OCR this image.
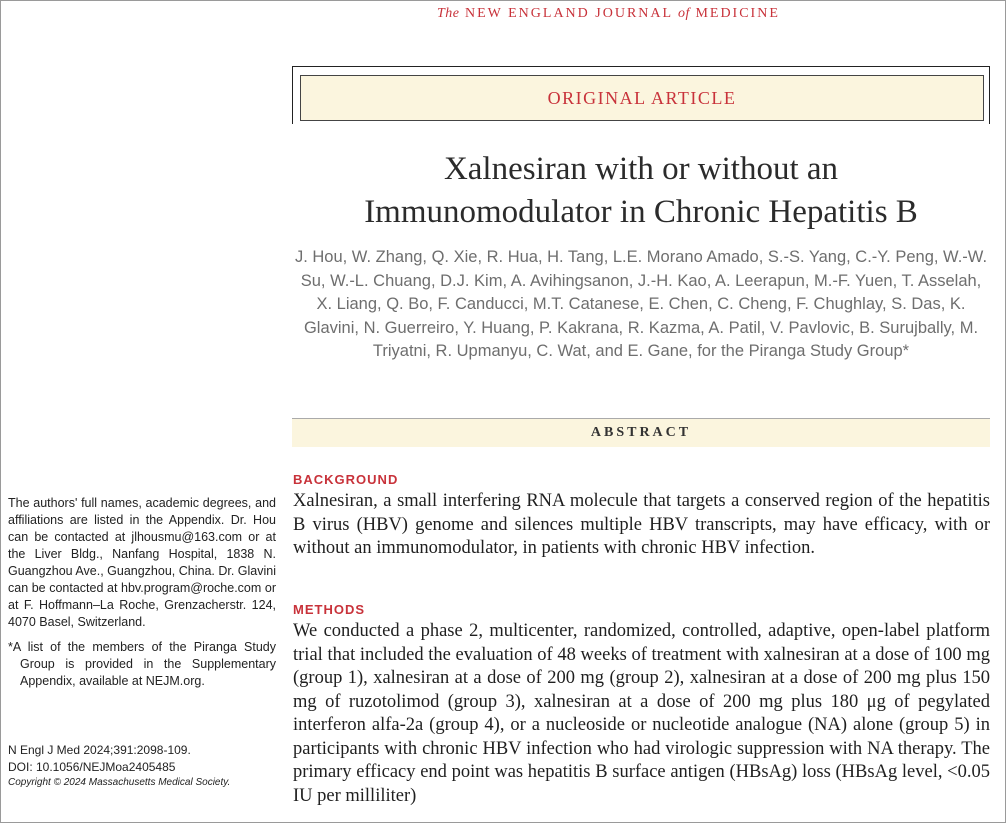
The NEW ENGLAND JOURNAL of MEDICINE
ORIGINAL ARTICLE
Xalnesiran with or without an
Immunomodulator in Chronic Hepatitis B
J. Hou, W. Zhang, Q. Xie, R. Hua, H. Tang, L.E. Morano Amado, S.-S. Yang, C.-Y. Peng, W.-W. Su, W.-L. Chuang, D.J. Kim, A. Avihingsanon, J.-H. Kao, A. Leerapun, M.-F. Yuen, T. Asselah, X. Liang, Q. Bo, F. Canducci, M.T. Catanese, E. Chen, C. Cheng, F. Chughlay, S. Das, K. Glavini, N. Guerreiro, Y. Huang, P. Kakrana, R. Kazma, A. Patil, V. Pavlovic, B. Surujbally, M. Triyatni, R. Upmanyu, C. Wat, and E. Gane, for the Piranga Study Group*
ABSTRACT
BACKGROUND
Xalnesiran, a small interfering RNA molecule that targets a conserved region of the hepatitis B virus (HBV) genome and silences multiple HBV transcripts, may have efficacy, with or without an immunomodulator, in patients with chronic HBV infection.
METHODS
We conducted a phase 2, multicenter, randomized, controlled, adaptive, open-label platform trial that included the evaluation of 48 weeks of treatment with xalnesiran at a dose of 100 mg (group 1), xalnesiran at a dose of 200 mg (group 2), xalnesiran at a dose of 200 mg plus 150 mg of ruzotolimod (group 3), xalnesiran at a dose of 200 mg plus 180 μg of pegylated interferon alfa-2a (group 4), or a nucleoside or nucleotide analogue (NA) alone (group 5) in participants with chronic HBV infection who had virologic suppression with NA therapy. The primary efficacy end point was hepatitis B surface antigen (HBsAg) loss (HBsAg level, <0.05 IU per milliliter)

The authors' full names, academic degrees, and affiliations are listed in the Appendix. Dr. Hou can be contacted at jlhousmu@163.com or at the Liver Bldg., Nanfang Hospital, 1838 N. Guangzhou Ave., Guangzhou, China. Dr. Glavini can be contacted at hbv.program@roche.com or at F. Hoffmann–La Roche, Grenzacherstr. 124, 4070 Basel, Switzerland.

*A list of the members of the Piranga Study Group is provided in the Supplementary Appendix, available at NEJM.org.

N Engl J Med 2024;391:2098-109.
DOI: 10.1056/NEJMoa2405485
Copyright © 2024 Massachusetts Medical Society.
